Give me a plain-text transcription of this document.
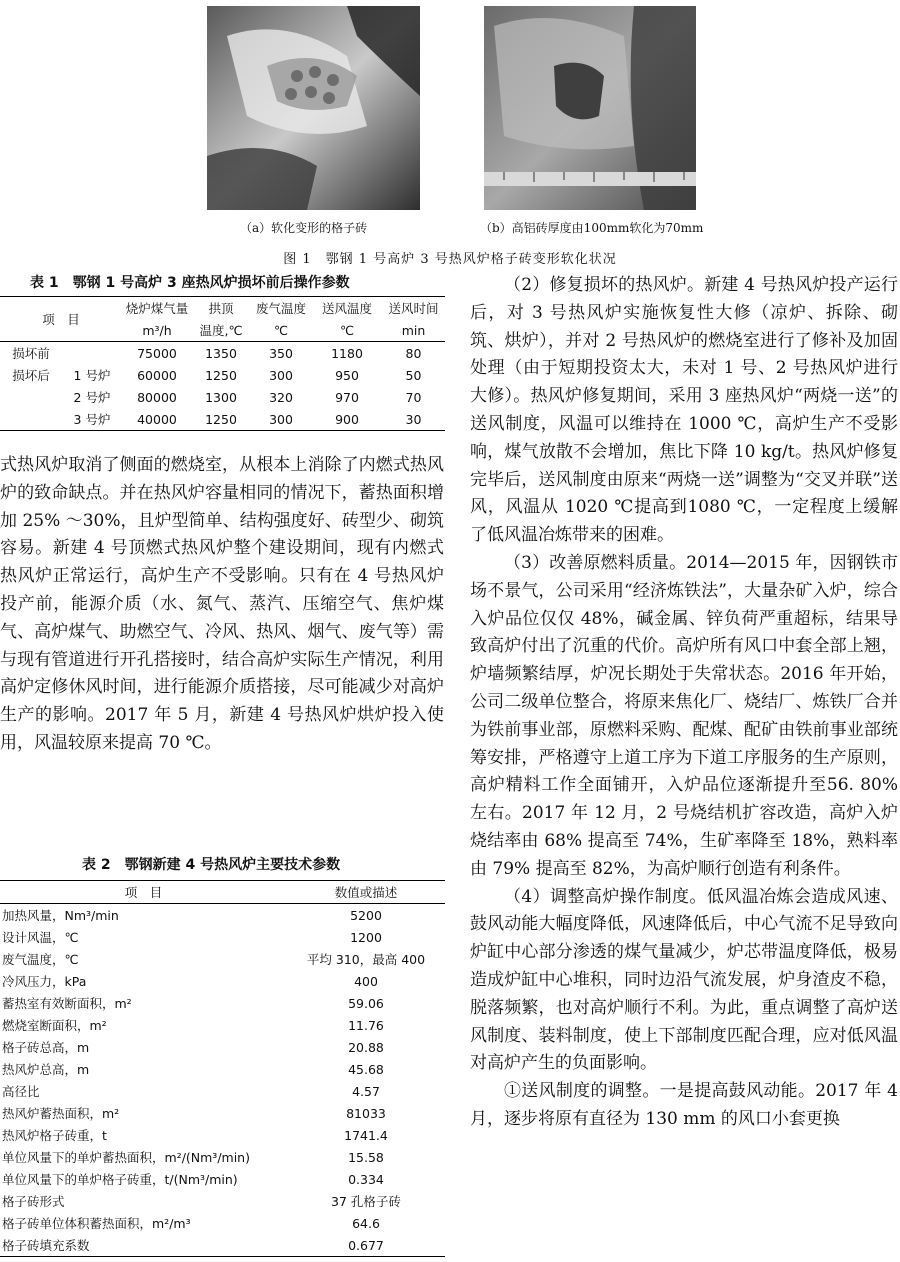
（a）软化变形的格子砖	（b）高铝砖厚度由100mm软化为70mm
图 1　鄂钢 1 号高炉 3 号热风炉格子砖变形软化状况
表 1　鄂钢 1 号高炉 3 座热风炉损坏前后操作参数
项　目		烧炉煤气量	拱顶	废气温度	送风温度	送风时间
		m³/h	温度,℃	℃	℃	min
损坏前		75000	1350	350	1180	80
损坏后	1 号炉	60000	1250	300	950	50
	2 号炉	80000	1300	320	970	70
	3 号炉	40000	1250	300	900	30
式热风炉取消了侧面的燃烧室，从根本上消除了内燃式热风炉的致命缺点。并在热风炉容量相同的情况下，蓄热面积增加 25% ～30%，且炉型简单、结构强度好、砖型少、砌筑容易。新建 4 号顶燃式热风炉整个建设期间，现有内燃式热风炉正常运行，高炉生产不受影响。只有在 4 号热风炉投产前，能源介质（水、氮气、蒸汽、压缩空气、焦炉煤气、高炉煤气、助燃空气、冷风、热风、烟气、废气等）需与现有管道进行开孔搭接时，结合高炉实际生产情况，利用高炉定修休风时间，进行能源介质搭接，尽可能减少对高炉生产的影响。2017 年 5 月，新建 4 号热风炉烘炉投入使用，风温较原来提高 70 ℃。
表 2　鄂钢新建 4 号热风炉主要技术参数
项　目	数值或描述
加热风量，Nm³/min	5200
设计风温，℃	1200
废气温度，℃	平均 310，最高 400
冷风压力，kPa	400
蓄热室有效断面积，m²	59.06
燃烧室断面积，m²	11.76
格子砖总高，m	20.88
热风炉总高，m	45.68
高径比	4.57
热风炉蓄热面积，m²	81033
热风炉格子砖重，t	1741.4
单位风量下的单炉蓄热面积，m²/(Nm³/min)	15.58
单位风量下的单炉格子砖重，t/(Nm³/min)	0.334
格子砖形式	37 孔格子砖
格子砖单位体积蓄热面积，m²/m³	64.6
格子砖填充系数	0.677

（2）修复损坏的热风炉。新建 4 号热风炉投产运行后，对 3 号热风炉实施恢复性大修（凉炉、拆除、砌筑、烘炉），并对 2 号热风炉的燃烧室进行了修补及加固处理（由于短期投资太大，未对 1 号、2 号热风炉进行大修）。热风炉修复期间，采用 3 座热风炉“两烧一送”的送风制度，风温可以维持在 1000 ℃，高炉生产不受影响，煤气放散不会增加，焦比下降 10 kg/t。热风炉修复完毕后，送风制度由原来“两烧一送”调整为“交叉并联”送风，风温从 1020 ℃提高到1080 ℃，一定程度上缓解了低风温冶炼带来的困难。

（3）改善原燃料质量。2014—2015 年，因钢铁市场不景气，公司采用“经济炼铁法”，大量杂矿入炉，综合入炉品位仅仅 48%，碱金属、锌负荷严重超标，结果导致高炉付出了沉重的代价。高炉所有风口中套全部上翘，炉墙频繁结厚，炉况长期处于失常状态。2016 年开始，公司二级单位整合，将原来焦化厂、烧结厂、炼铁厂合并为铁前事业部，原燃料采购、配煤、配矿由铁前事业部统筹安排，严格遵守上道工序为下道工序服务的生产原则，高炉精料工作全面铺开，入炉品位逐渐提升至56. 80% 左右。2017 年 12 月，2 号烧结机扩容改造，高炉入炉烧结率由 68% 提高至 74%，生矿率降至 18%，熟料率由 79% 提高至 82%，为高炉顺行创造有利条件。

（4）调整高炉操作制度。低风温冶炼会造成风速、鼓风动能大幅度降低，风速降低后，中心气流不足导致向炉缸中心部分渗透的煤气量减少，炉芯带温度降低，极易造成炉缸中心堆积，同时边沿气流发展，炉身渣皮不稳，脱落频繁，也对高炉顺行不利。为此，重点调整了高炉送风制度、装料制度，使上下部制度匹配合理，应对低风温对高炉产生的负面影响。

①送风制度的调整。一是提高鼓风动能。2017 年 4 月，逐步将原有直径为 130 mm 的风口小套更换
